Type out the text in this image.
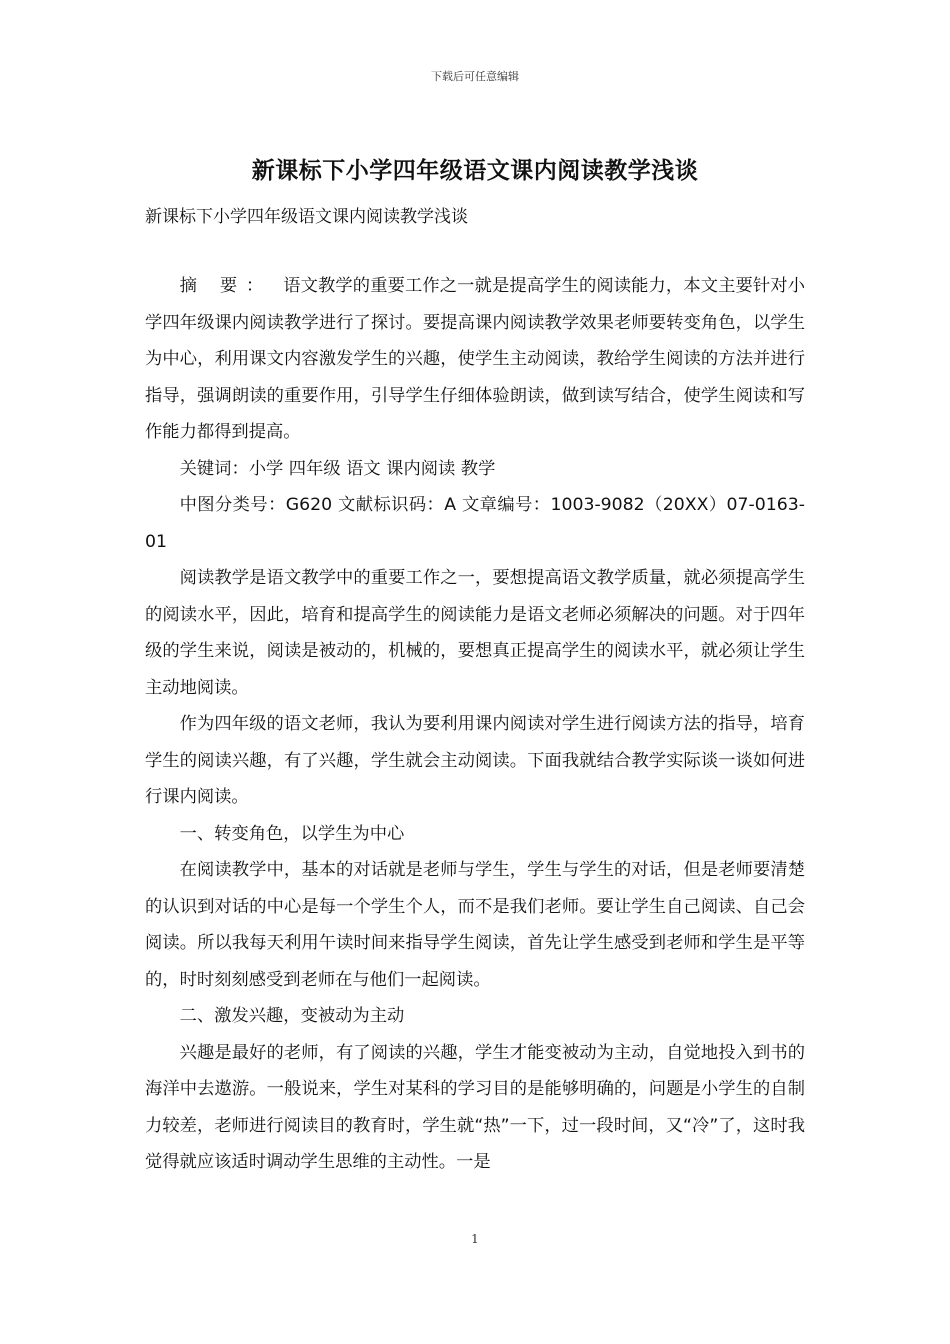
下载后可任意编辑
新课标下小学四年级语文课内阅读教学浅谈
新课标下小学四年级语文课内阅读教学浅谈

摘 要： 语文教学的重要工作之一就是提高学生的阅读能力，本文主要针对小学四年级课内阅读教学进行了探讨。要提高课内阅读教学效果老师要转变角色，以学生为中心，利用课文内容激发学生的兴趣，使学生主动阅读，教给学生阅读的方法并进行指导，强调朗读的重要作用，引导学生仔细体验朗读，做到读写结合，使学生阅读和写作能力都得到提高。

关键词：小学 四年级 语文 课内阅读 教学

中图分类号：G620 文献标识码：A 文章编号：1003-9082（20XX）07-0163-01

阅读教学是语文教学中的重要工作之一，要想提高语文教学质量，就必须提高学生的阅读水平，因此，培育和提高学生的阅读能力是语文老师必须解决的问题。对于四年级的学生来说，阅读是被动的，机械的，要想真正提高学生的阅读水平，就必须让学生主动地阅读。

作为四年级的语文老师，我认为要利用课内阅读对学生进行阅读方法的指导，培育学生的阅读兴趣，有了兴趣，学生就会主动阅读。下面我就结合教学实际谈一谈如何进行课内阅读。

一、转变角色，以学生为中心

在阅读教学中，基本的对话就是老师与学生，学生与学生的对话，但是老师要清楚的认识到对话的中心是每一个学生个人，而不是我们老师。要让学生自己阅读、自己会阅读。所以我每天利用午读时间来指导学生阅读，首先让学生感受到老师和学生是平等的，时时刻刻感受到老师在与他们一起阅读。

二、激发兴趣，变被动为主动

兴趣是最好的老师，有了阅读的兴趣，学生才能变被动为主动，自觉地投入到书的海洋中去遨游。一般说来，学生对某科的学习目的是能够明确的，问题是小学生的自制力较差，老师进行阅读目的教育时，学生就“热”一下，过一段时间，又“冷”了，这时我觉得就应该适时调动学生思维的主动性。一是

1
